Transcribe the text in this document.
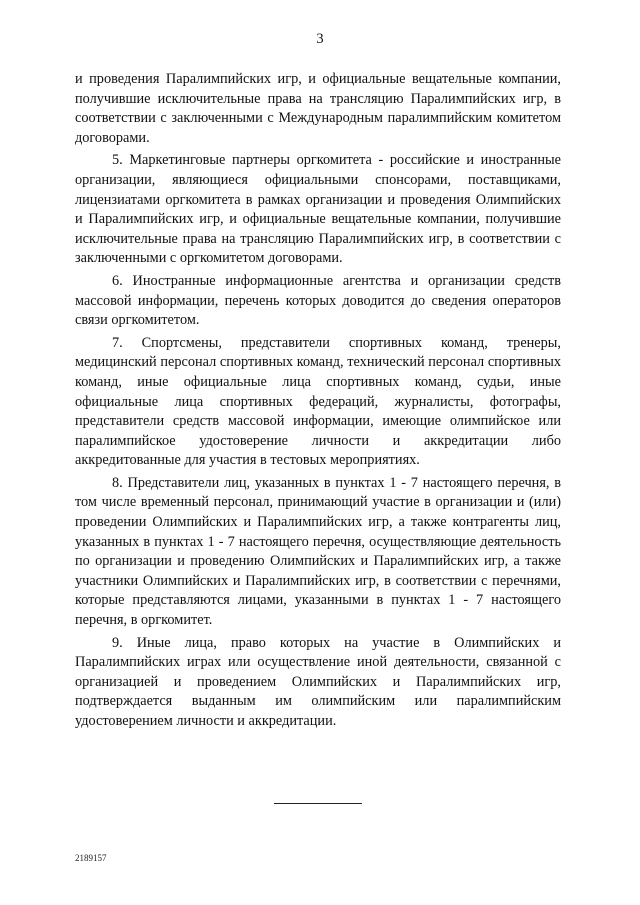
3

и проведения Паралимпийских игр, и официальные вещательные компании, получившие исключительные права на трансляцию Паралимпийских игр, в соответствии с заключенными с Международным паралимпийским комитетом договорами.

5. Маркетинговые партнеры оргкомитета - российские и иностранные организации, являющиеся официальными спонсорами, поставщиками, лицензиатами оргкомитета в рамках организации и проведения Олимпийских и Паралимпийских игр, и официальные вещательные компании, получившие исключительные права на трансляцию Паралимпийских игр, в соответствии с заключенными с оргкомитетом договорами.

6. Иностранные информационные агентства и организации средств массовой информации, перечень которых доводится до сведения операторов связи оргкомитетом.

7. Спортсмены, представители спортивных команд, тренеры, медицинский персонал спортивных команд, технический персонал спортивных команд, иные официальные лица спортивных команд, судьи, иные официальные лица спортивных федераций, журналисты, фотографы, представители средств массовой информации, имеющие олимпийское или паралимпийское удостоверение личности и аккредитации либо аккредитованные для участия в тестовых мероприятиях.

8. Представители лиц, указанных в пунктах 1 - 7 настоящего перечня, в том числе временный персонал, принимающий участие в организации и (или) проведении Олимпийских и Паралимпийских игр, а также контрагенты лиц, указанных в пунктах 1 - 7 настоящего перечня, осуществляющие деятельность по организации и проведению Олимпийских и Паралимпийских игр, а также участники Олимпийских и Паралимпийских игр, в соответствии с перечнями, которые представляются лицами, указанными в пунктах 1 - 7 настоящего перечня, в оргкомитет.

9. Иные лица, право которых на участие в Олимпийских и Паралимпийских играх или осуществление иной деятельности, связанной с организацией и проведением Олимпийских и Паралимпийских игр, подтверждается выданным им олимпийским или паралимпийским удостоверением личности и аккредитации.

2189157
